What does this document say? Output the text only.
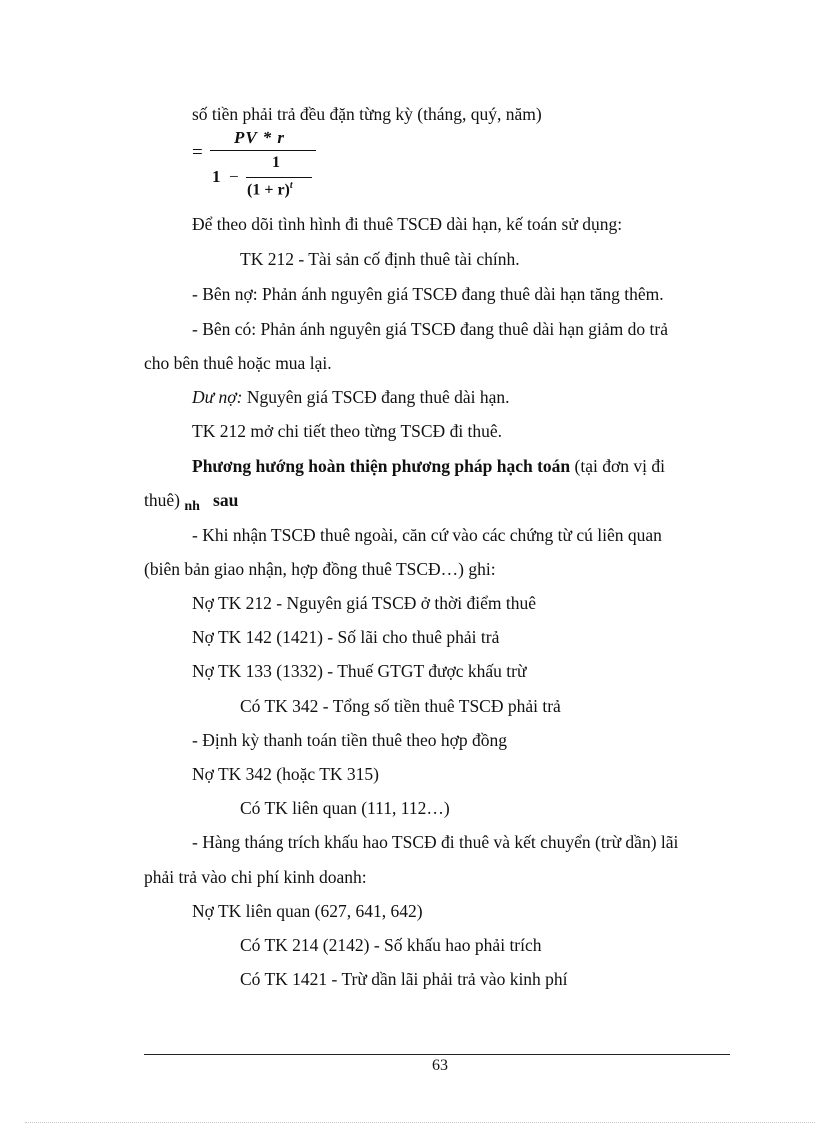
số tiền phải trả đều đặn từng kỳ (tháng, quý, năm)
=
PV * r
1 −
1
$(1 + r)^t$
Để theo dõi tình hình đi thuê TSCĐ dài hạn, kế toán sử dụng:
TK 212 - Tài sản cố định thuê tài chính.
- Bên nợ: Phản ánh nguyên giá TSCĐ đang thuê dài hạn tăng thêm.
- Bên có: Phản ánh nguyên giá TSCĐ đang thuê dài hạn giảm do trả
cho bên thuê hoặc mua lại.
Dư nợ: Nguyên giá TSCĐ đang thuê dài hạn.
TK 212 mở chi tiết theo từng TSCĐ đi thuê.
Phương hướng hoàn thiện phương pháp hạch toán (tại đơn vị đi
thuê) $_{nh}$ sau
- Khi nhận TSCĐ thuê ngoài, căn cứ vào các chứng từ cú liên quan
(biên bản giao nhận, hợp đồng thuê TSCĐ…) ghi:
Nợ TK 212 - Nguyên giá TSCĐ ở thời điểm thuê
Nợ TK 142 (1421) - Số lãi cho thuê phải trả
Nợ TK 133 (1332) - Thuế GTGT được khấu trừ
Có TK 342 - Tổng số tiền thuê TSCĐ phải trả
- Định kỳ thanh toán tiền thuê theo hợp đồng
Nợ TK 342 (hoặc TK 315)
Có TK liên quan (111, 112…)
- Hàng tháng trích khấu hao TSCĐ đi thuê và kết chuyển (trừ dần) lãi
phải trả vào chi phí kinh doanh:
Nợ TK liên quan (627, 641, 642)
Có TK 214 (2142) - Số khấu hao phải trích
Có TK 1421 - Trừ dần lãi phải trả vào kinh phí
63
